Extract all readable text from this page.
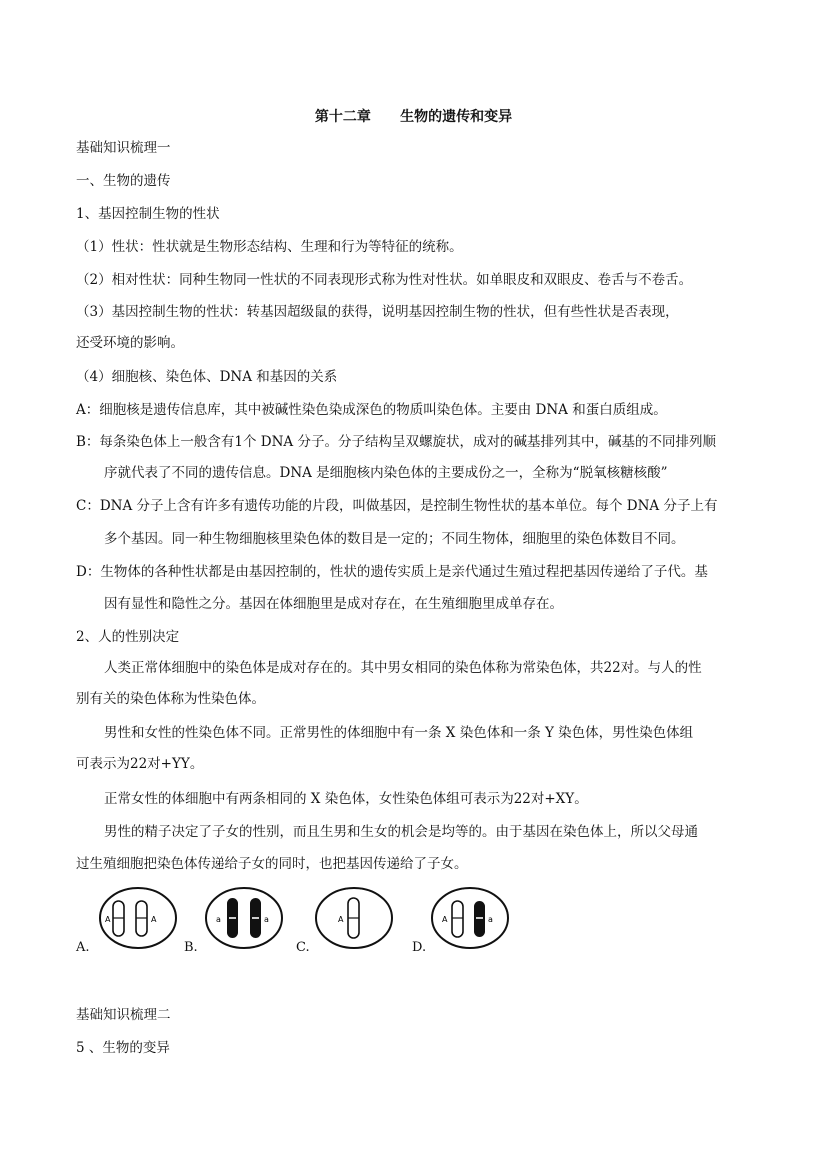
第十二章      生物的遗传和变异
基础知识梳理一
一、生物的遗传
1、基因控制生物的性状
（1）性状：性状就是生物形态结构、生理和行为等特征的统称。
（2）相对性状：同种生物同一性状的不同表现形式称为性对性状。如单眼皮和双眼皮、卷舌与不卷舌。
（3）基因控制生物的性状：转基因超级鼠的获得，说明基因控制生物的性状，但有些性状是否表现，
还受环境的影响。
（4）细胞核、染色体、DNA 和基因的关系
A：细胞核是遗传信息库，其中被碱性染色染成深色的物质叫染色体。主要由 DNA 和蛋白质组成。
B：每条染色体上一般含有1个 DNA 分子。分子结构呈双螺旋状，成对的碱基排列其中，碱基的不同排列顺
序就代表了不同的遗传信息。DNA 是细胞核内染色体的主要成份之一，全称为“脱氧核糖核酸”
C：DNA 分子上含有许多有遗传功能的片段，叫做基因，是控制生物性状的基本单位。每个 DNA 分子上有
多个基因。同一种生物细胞核里染色体的数目是一定的；不同生物体，细胞里的染色体数目不同。
D：生物体的各种性状都是由基因控制的，性状的遗传实质上是亲代通过生殖过程把基因传递给了子代。基
因有显性和隐性之分。基因在体细胞里是成对存在，在生殖细胞里成单存在。
2、人的性别决定
人类正常体细胞中的染色体是成对存在的。其中男女相同的染色体称为常染色体，共22对。与人的性
别有关的染色体称为性染色体。
男性和女性的性染色体不同。正常男性的体细胞中有一条 X 染色体和一条 Y 染色体，男性染色体组
可表示为22对+YY。
正常女性的体细胞中有两条相同的 X 染色体，女性染色体组可表示为22对+XY。
男性的精子决定了子女的性别，而且生男和生女的机会是均等的。由于基因在染色体上，所以父母通
过生殖细胞把染色体传递给子女的同时，也把基因传递给了子女。
A.
A	A
B.
a	a
C.
A
D.
A	a
基础知识梳理二
5 、生物的变异
